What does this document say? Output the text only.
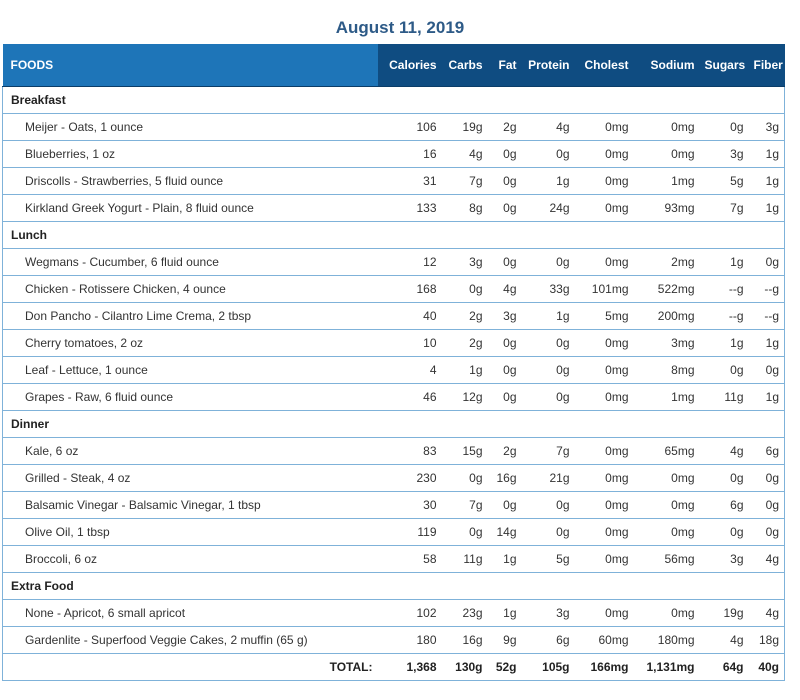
August 11, 2019
FOODS	Calories	Carbs	Fat	Protein	Cholest	Sodium	Sugars	Fiber
Breakfast								
Meijer - Oats, 1 ounce	106	19g	2g	4g	0mg	0mg	0g	3g
Blueberries, 1 oz	16	4g	0g	0g	0mg	0mg	3g	1g
Driscolls - Strawberries, 5 fluid ounce	31	7g	0g	1g	0mg	1mg	5g	1g
Kirkland Greek Yogurt - Plain, 8 fluid ounce	133	8g	0g	24g	0mg	93mg	7g	1g
Lunch								
Wegmans - Cucumber, 6 fluid ounce	12	3g	0g	0g	0mg	2mg	1g	0g
Chicken - Rotissere Chicken, 4 ounce	168	0g	4g	33g	101mg	522mg	--g	--g
Don Pancho - Cilantro Lime Crema, 2 tbsp	40	2g	3g	1g	5mg	200mg	--g	--g
Cherry tomatoes, 2 oz	10	2g	0g	0g	0mg	3mg	1g	1g
Leaf - Lettuce, 1 ounce	4	1g	0g	0g	0mg	8mg	0g	0g
Grapes - Raw, 6 fluid ounce	46	12g	0g	0g	0mg	1mg	11g	1g
Dinner								
Kale, 6 oz	83	15g	2g	7g	0mg	65mg	4g	6g
Grilled - Steak, 4 oz	230	0g	16g	21g	0mg	0mg	0g	0g
Balsamic Vinegar - Balsamic Vinegar, 1 tbsp	30	7g	0g	0g	0mg	0mg	6g	0g
Olive Oil, 1 tbsp	119	0g	14g	0g	0mg	0mg	0g	0g
Broccoli, 6 oz	58	11g	1g	5g	0mg	56mg	3g	4g
Extra Food								
None - Apricot, 6 small apricot	102	23g	1g	3g	0mg	0mg	19g	4g
Gardenlite - Superfood Veggie Cakes, 2 muffin (65 g)	180	16g	9g	6g	60mg	180mg	4g	18g
TOTAL:	1,368	130g	52g	105g	166mg	1,131mg	64g	40g
